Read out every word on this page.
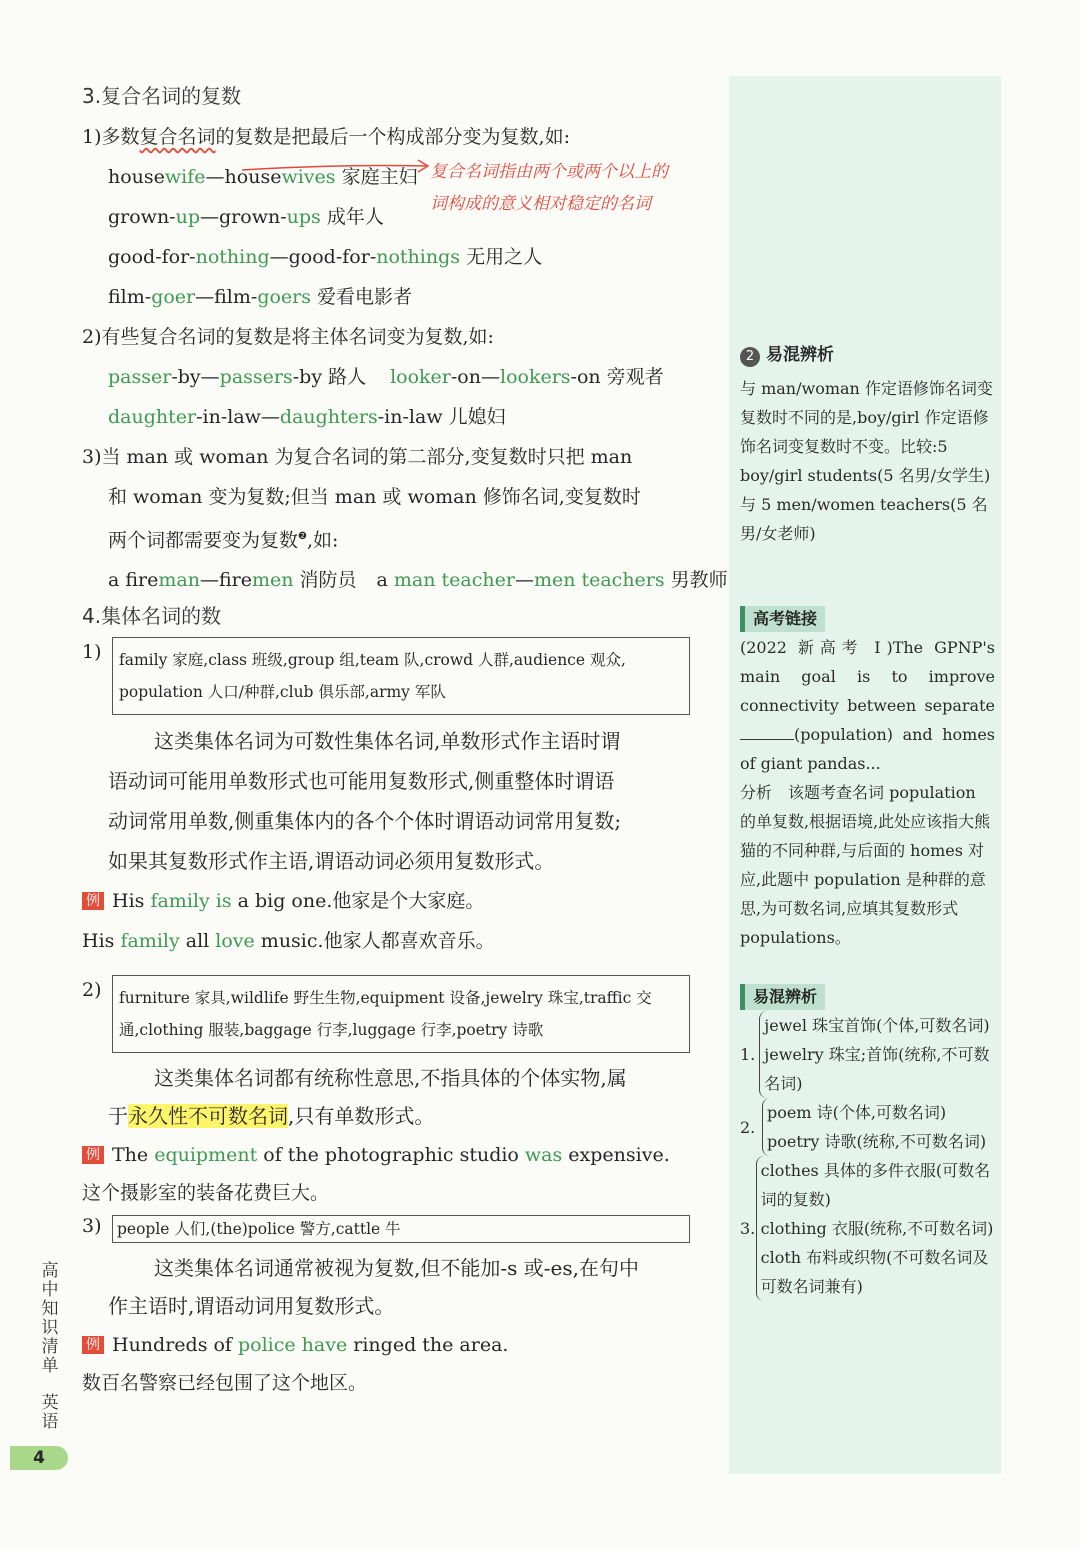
3.复合名词的复数

1)多数复合名词的复数是把最后一个构成部分变为复数,如:
housewife—housewives 家庭主妇
grown-up—grown-ups 成年人
good-for-nothing—good-for-nothings 无用之人
film-goer—film-goers 爱看电影者
2)有些复合名词的复数是将主体名词变为复数,如:
passer-by—passers-by 路人 looker-on—lookers-on 旁观者
daughter-in-law—daughters-in-law 儿媳妇
3)当 man 或 woman 为复合名词的第二部分,变复数时只把 man
和 woman 变为复数;但当 man 或 woman 修饰名词,变复数时
两个词都需要变为复数$^❷$,如:
a fireman—firemen 消防员 a man teacher—men teachers 男教师

4.集体名词的数

1) family 家庭,class 班级,group 组,team 队,crowd 人群,audience 观众,
population 人口/种群,club 俱乐部,army 军队
这类集体名词为可数性集体名词,单数形式作主语时谓
语动词可能用单数形式也可能用复数形式,侧重整体时谓语
动词常用单数,侧重集体内的各个个体时谓语动词常用复数;
如果其复数形式作主语,谓语动词必须用复数形式。
例 His family is a big one.他家是个大家庭。
His family all love music.他家人都喜欢音乐。
2) furniture 家具,wildlife 野生生物,equipment 设备,jewelry 珠宝,traffic 交
通,clothing 服装,baggage 行李,luggage 行李,poetry 诗歌
这类集体名词都有统称性意思,不指具体的个体实物,属
于永久性不可数名词,只有单数形式。
例 The equipment of the photographic studio was expensive.
这个摄影室的装备花费巨大。
3) people 人们,(the)police 警方,cattle 牛
这类集体名词通常被视为复数,但不能加-s 或-es,在句中
作主语时,谓语动词用复数形式。
例 Hundreds of police have ringed the area.
数百名警察已经包围了这个地区。
复合名词指由两个或两个以上的
词构成的意义相对稳定的名词
2 易混辨析
与 man/woman 作定语修饰名词变复数时不同的是,boy/girl 作定语修饰名词变复数时不变。比较:5 boy/girl students(5 名男/女学生)与 5 men/women teachers(5 名男/女老师)
高考链接
(2022 新高考 Ⅰ)The GPNP's main goal is to improve connectivity between separate (population) and homes of giant pandas...
分析　该题考查名词 population 的单复数,根据语境,此处应该指大熊猫的不同种群,与后面的 homes 对应,此题中 population 是种群的意思,为可数名词,应填其复数形式 populations。
易混辨析
1.
jewel 珠宝首饰(个体,可数名词)
jewelry 珠宝;首饰(统称,不可数名词)
2.
poem 诗(个体,可数名词)
poetry 诗歌(统称,不可数名词)
3.
clothes 具体的多件衣服(可数名词的复数)
clothing 衣服(统称,不可数名词)
cloth 布料或织物(不可数名词及可数名词兼有)
高
中
知
识
清
单
英
语
4
